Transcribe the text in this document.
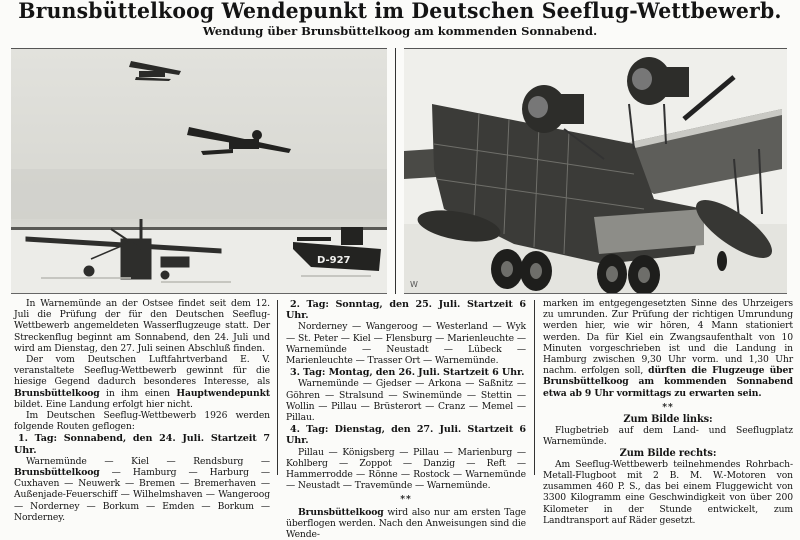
Brunsbüttelkoog Wendepunkt im Deutschen Seeflug-Wettbewerb.
Wendung über Brunsbüttelkoog am kommenden Sonnabend.
D-927
W

In Warnemünde an der Ostsee findet seit dem 12. Juli die Prüfung der für den Deutschen Seeflug-Wettbewerb angemeldeten Wasserflugzeuge statt. Der Streckenflug beginnt am Sonnabend, den 24. Juli und wird am Dienstag, den 27. Juli seinen Abschluß finden.

Der vom Deutschen Luftfahrtverband E. V. veranstaltete Seeflug-Wettbewerb gewinnt für die hiesige Gegend dadurch besonderes Interesse, als Brunsbüttelkoog in ihm einen Hauptwendepunkt bildet. Eine Landung erfolgt hier nicht.

Im Deutschen Seeflug-Wettbewerb 1926 werden folgende Routen geflogen:

1. Tag: Sonnabend, den 24. Juli. Startzeit 7 Uhr.

Warnemünde — Kiel — Rendsburg — Brunsbüttelkoog — Hamburg — Harburg — Cuxhaven — Neuwerk — Bremen — Bremerhaven — Außenjade-Feuerschiff — Wilhelmshaven — Wangeroog — Norderney — Borkum — Emden — Borkum — Norderney.

2. Tag: Sonntag, den 25. Juli. Startzeit 6 Uhr.

Norderney — Wangeroog — Westerland — Wyk — St. Peter — Kiel — Flensburg — Marienleuchte — Warnemünde — Neustadt — Lübeck — Marienleuchte — Trasser Ort — Warnemünde.

3. Tag: Montag, den 26. Juli. Startzeit 6 Uhr.

Warnemünde — Gjedser — Arkona — Saßnitz — Göhren — Stralsund — Swinemünde — Stettin — Wollin — Pillau — Brüsterort — Cranz — Memel — Pillau.

4. Tag: Dienstag, den 27. Juli. Startzeit 6 Uhr.

Pillau — Königsberg — Pillau — Marienburg — Kohlberg — Zoppot — Danzig — Reft — Hammerrodde — Rönne — Rostock — Warnemünde — Neustadt — Travemünde — Warnemünde.

**

Brunsbüttelkoog wird also nur am ersten Tage überflogen werden. Nach den Anweisungen sind die Wende-

marken im entgegengesetzten Sinne des Uhrzeigers zu umrunden. Zur Prüfung der richtigen Umrundung werden hier, wie wir hören, 4 Mann stationiert werden. Da für Kiel ein Zwangsaufenthalt von 10 Minuten vorgeschrieben ist und die Landung in Hamburg zwischen 9,30 Uhr vorm. und 1,30 Uhr nachm. erfolgen soll, dürften die Flugzeuge über Brunsbüttelkoog am kommenden Sonnabend etwa ab 9 Uhr vormittags zu erwarten sein.

**

Zum Bilde links:

Flugbetrieb auf dem Land- und Seeflugplatz Warnemünde.

Zum Bilde rechts:

Am Seeflug-Wettbewerb teilnehmendes Rohrbach-Metall-Flugboot mit 2 B. M. W.-Motoren von zusammen 460 P. S., das bei einem Fluggewicht von 3300 Kilogramm eine Geschwindigkeit von über 200 Kilometer in der Stunde entwickelt, zum Landtransport auf Räder gesetzt.
